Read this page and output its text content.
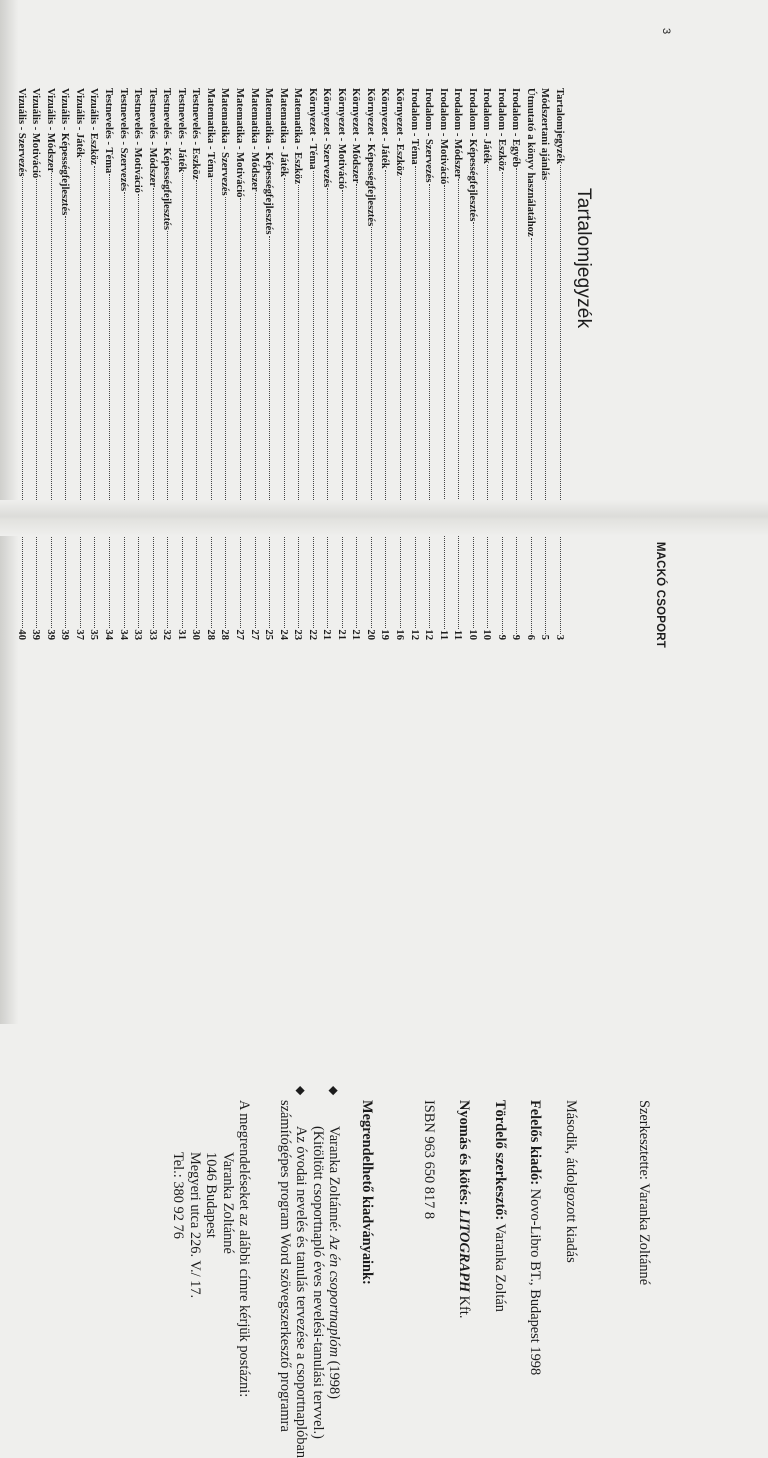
MACKÓ CSOPORT
3
Tartalomjegyzék
Tartalomjegyzék
3
Módszertani ajánlás
5
Útmutató a könyv használatához
6
Irodalom - Egyéb
9
Irodalom - Eszköz
9
Irodalom - Játék
10
Irodalom - Képességfejlesztés
10
Irodalom - Módszer
11
Irodalom - Motiváció
11
Irodalom - Szervezés
12
Irodalom - Téma
12
Környezet - Eszköz
16
Környezet - Játék
19
Környezet - Képességfejlesztés
20
Környezet - Módszer
21
Környezet - Motiváció
21
Környezet - Szervezés
21
Környezet - Téma
22
Matematika - Eszköz
23
Matematika - Játék
24
Matematika - Képességfejlesztés
25
Matematika - Módszer
27
Matematika - Motiváció
27
Matematika - Szervezés
28
Matematika - Téma
28
Testnevelés - Eszköz
30
Testnevelés - Játék
31
Testnevelés - Képességfejlesztés
32
Testnevelés - Módszer
33
Testnevelés - Motiváció
33
Testnevelés - Szervezés
34
Testnevelés - Téma
34
Vizuális - Eszköz
35
Vizuális - Játék
37
Vizuális - Képességfejlesztés
39
Vizuális - Módszer
39
Vizuális - Motiváció
39
Vizuális - Szervezés
40

Szerkesztette: Varanka Zoltánné

Második, átdolgozott kiadás

Felelős kiadó: Novo-Libro BT., Budapest 1998

Tördelő szerkesztő: Varanka Zoltán

Nyomás és kötés: LITOGRAPH Kft.

ISBN 963 650 817 8

Megrendelhető kiadványaink:

◆ Varanka Zoltánné: Az én csoportnaplóm (1998)

(Kitöltött csoportnapló éves nevelési-tanulási tervvel.)

◆ Az óvodai nevelés és tanulás tervezése a csoportnaplóban

számítógépes program Word szövegszerkesztő programra

A megrendeléseket az alábbi címre kérjük postázni:

Varanka Zoltánné

1046 Budapest

Megyeri utca 226. V./ 17.

Tel.: 380 92 76
